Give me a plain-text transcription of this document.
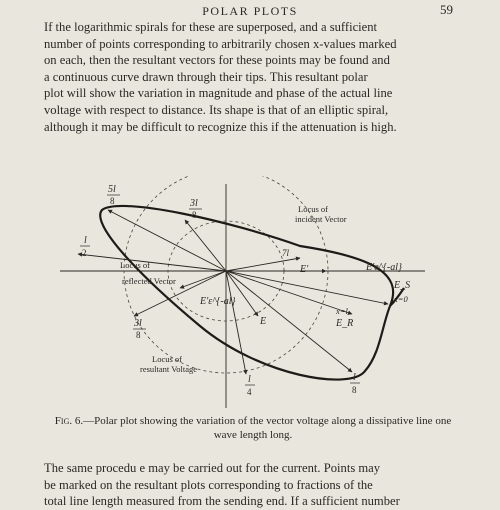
POLAR PLOTS	59

If the logarithmic spirals for these are superposed, and a sufficient

number of points corresponding to arbitrarily chosen x-values marked

on each, then the resultant vectors for these points may be found and

a continuous curve drawn through their tips. This resultant polar

plot will show the variation in magnitude and phase of the actual line

voltage with respect to distance. Its shape is that of an elliptic spiral,

although it may be difficult to recognize this if the attenuation is high.

5l
8	3l
8
l
2
Locus of
incident Vector
7l
E'	E'e^{-al}
Locus of
reflected Vector
E'ε^{-al}
E
x=l
E_R
E_S
x=0
3l
8
Locus of
resultant Voltage
l
4
l
8
Fig. 6.—Polar plot showing the variation of the vector voltage along a dissipative line one wave length long.

The same procedu e may be carried out for the current. Points may

be marked on the resultant plots corresponding to fractions of the

total line length measured from the sending end. If a sufficient number
